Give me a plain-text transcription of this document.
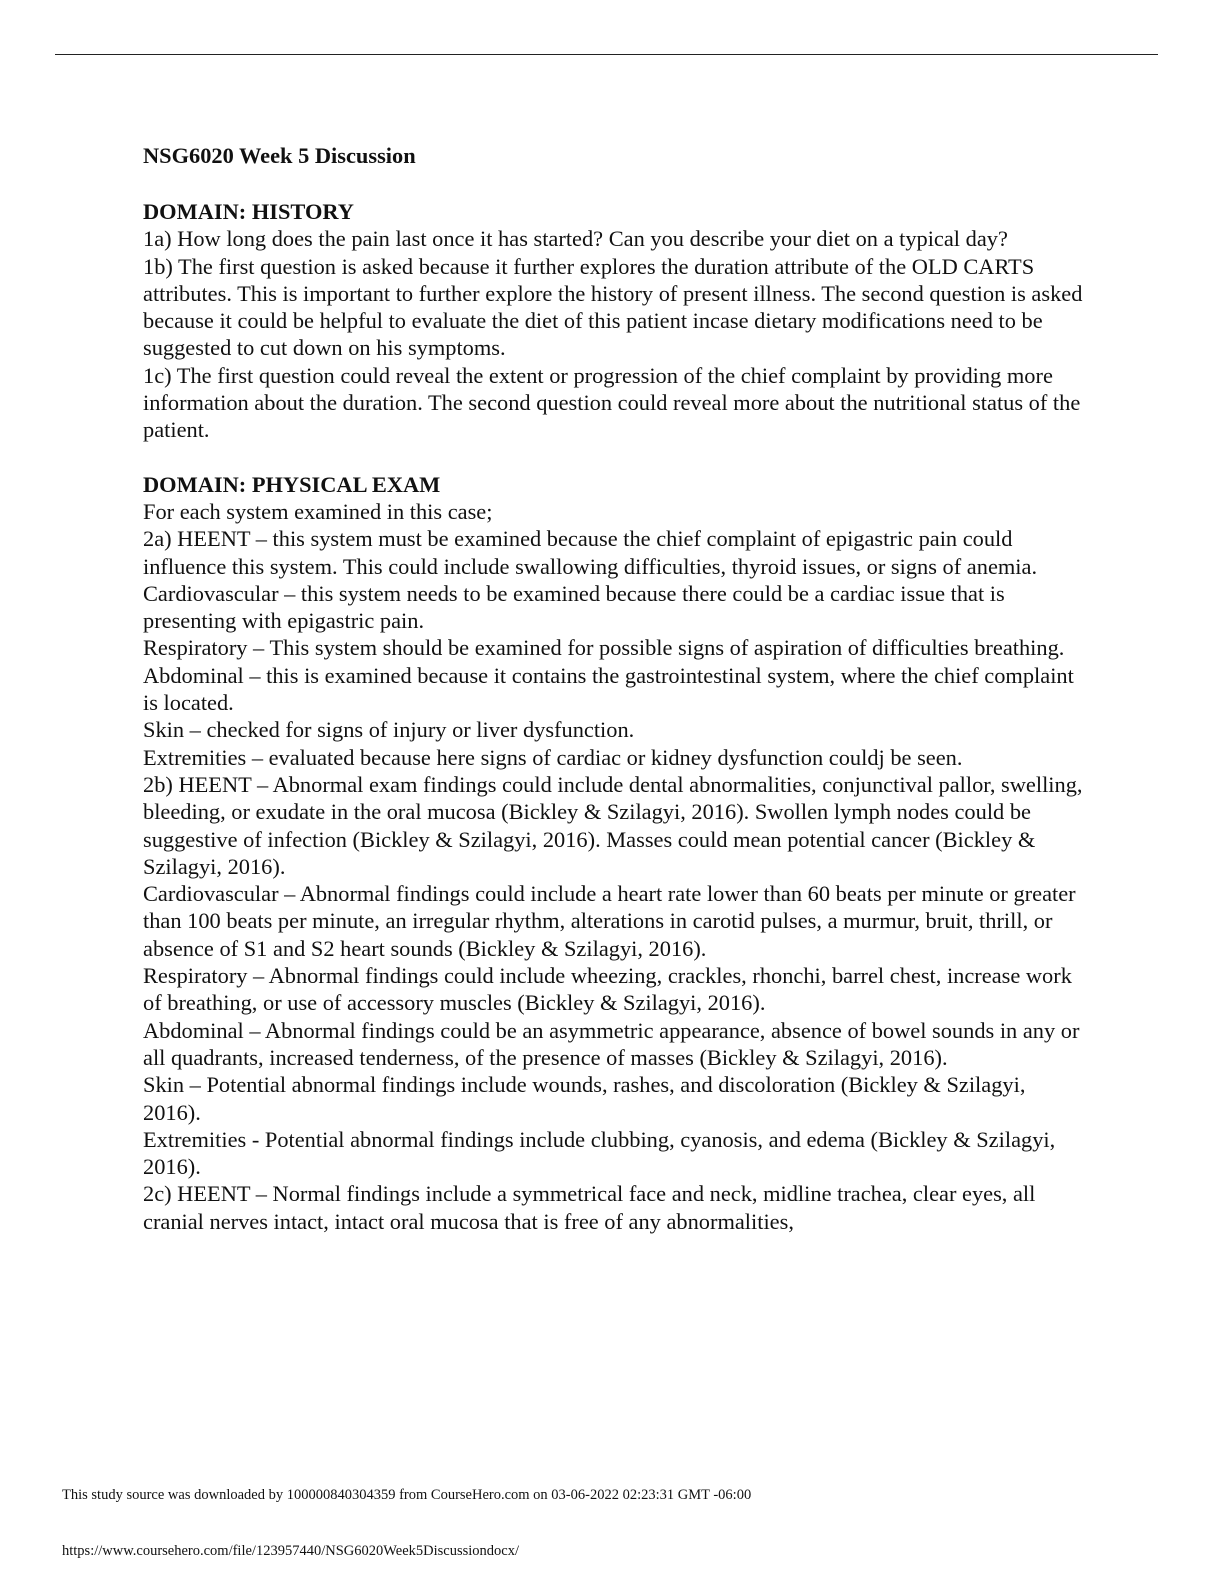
NSG6020 Week 5 Discussion
DOMAIN: HISTORY

1a) How long does the pain last once it has started? Can you describe your diet on a typical day?

1b) The first question is asked because it further explores the duration attribute of the OLD CARTS attributes. This is important to further explore the history of present illness. The second question is asked because it could be helpful to evaluate the diet of this patient incase dietary modifications need to be suggested to cut down on his symptoms.

1c) The first question could reveal the extent or progression of the chief complaint by providing more information about the duration. The second question could reveal more about the nutritional status of the patient.

DOMAIN: PHYSICAL EXAM

For each system examined in this case;

2a) HEENT – this system must be examined because the chief complaint of epigastric pain could influence this system. This could include swallowing difficulties, thyroid issues, or signs of anemia.

Cardiovascular – this system needs to be examined because there could be a cardiac issue that is presenting with epigastric pain.

Respiratory – This system should be examined for possible signs of aspiration of difficulties breathing.

Abdominal – this is examined because it contains the gastrointestinal system, where the chief complaint is located.

Skin – checked for signs of injury or liver dysfunction.

Extremities – evaluated because here signs of cardiac or kidney dysfunction couldj be seen.

2b) HEENT – Abnormal exam findings could include dental abnormalities, conjunctival pallor, swelling, bleeding, or exudate in the oral mucosa (Bickley & Szilagyi, 2016). Swollen lymph nodes could be suggestive of infection (Bickley & Szilagyi, 2016). Masses could mean potential cancer (Bickley & Szilagyi, 2016).

Cardiovascular – Abnormal findings could include a heart rate lower than 60 beats per minute or greater than 100 beats per minute, an irregular rhythm, alterations in carotid pulses, a murmur, bruit, thrill, or absence of S1 and S2 heart sounds (Bickley & Szilagyi, 2016).

Respiratory – Abnormal findings could include wheezing, crackles, rhonchi, barrel chest, increase work of breathing, or use of accessory muscles (Bickley & Szilagyi, 2016).

Abdominal – Abnormal findings could be an asymmetric appearance, absence of bowel sounds in any or all quadrants, increased tenderness, of the presence of masses (Bickley & Szilagyi, 2016).

Skin – Potential abnormal findings include wounds, rashes, and discoloration (Bickley & Szilagyi, 2016).

Extremities - Potential abnormal findings include clubbing, cyanosis, and edema (Bickley & Szilagyi, 2016).

2c) HEENT – Normal findings include a symmetrical face and neck, midline trachea, clear eyes, all cranial nerves intact, intact oral mucosa that is free of any abnormalities,

This study source was downloaded by 100000840304359 from CourseHero.com on 03-06-2022 02:23:31 GMT -06:00
https://www.coursehero.com/file/123957440/NSG6020Week5Discussiondocx/
